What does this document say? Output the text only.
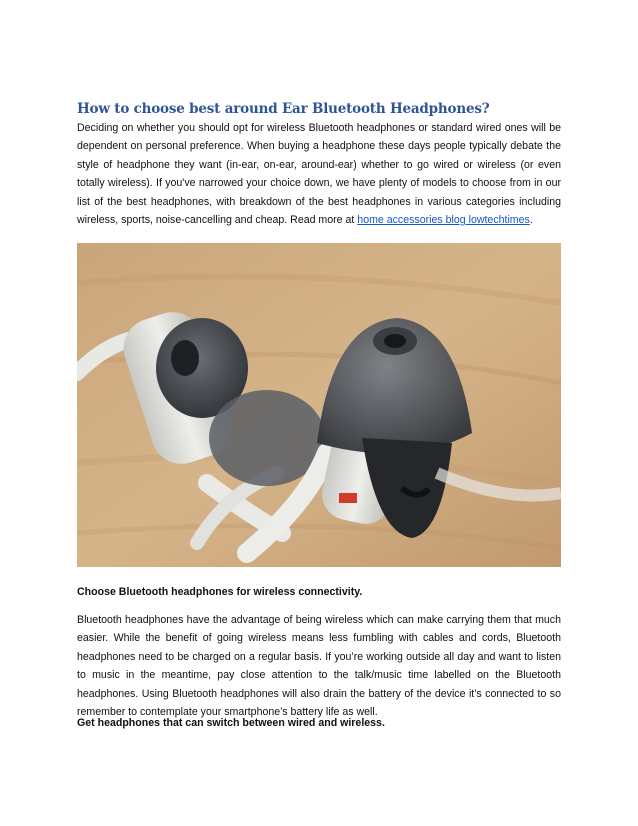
How to choose best around Ear Bluetooth Headphones?

Deciding on whether you should opt for wireless Bluetooth headphones or standard wired ones will be dependent on personal preference. When buying a headphone these days people typically debate the style of headphone they want (in-ear, on-ear, around-ear) whether to go wired or wireless (or even totally wireless). If you've narrowed your choice down, we have plenty of models to choose from in our list of the best headphones, with breakdown of the best headphones in various categories including wireless, sports, noise-cancelling and cheap. Read more at home accessories blog lowtechtimes.

Choose Bluetooth headphones for wireless connectivity.

Bluetooth headphones have the advantage of being wireless which can make carrying them that much easier. While the benefit of going wireless means less fumbling with cables and cords, Bluetooth headphones need to be charged on a regular basis. If you’re working outside all day and want to listen to music in the meantime, pay close attention to the talk/music time labelled on the Bluetooth headphones. Using Bluetooth headphones will also drain the battery of the device it’s connected to so remember to contemplate your smartphone’s battery life as well.

Get headphones that can switch between wired and wireless.
